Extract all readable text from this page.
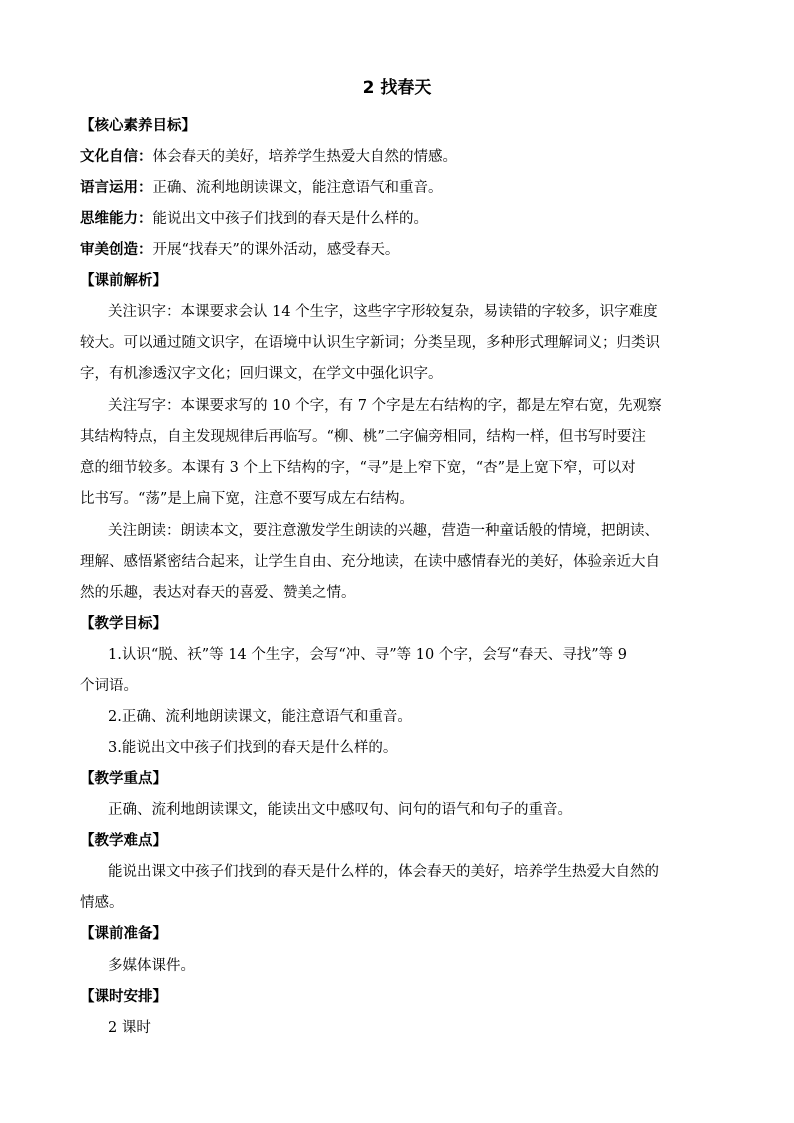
2 找春天
【核心素养目标】
文化自信：体会春天的美好，培养学生热爱大自然的情感。
语言运用：正确、流利地朗读课文，能注意语气和重音。
思维能力：能说出文中孩子们找到的春天是什么样的。
审美创造：开展“找春天”的课外活动，感受春天。
【课前解析】
关注识字：本课要求会认 14 个生字，这些字字形较复杂，易读错的字较多，识字难度
较大。可以通过随文识字，在语境中认识生字新词；分类呈现，多种形式理解词义；归类识
字，有机渗透汉字文化；回归课文，在学文中强化识字。
关注写字：本课要求写的 10 个字，有 7 个字是左右结构的字，都是左窄右宽，先观察
其结构特点，自主发现规律后再临写。“柳、桃”二字偏旁相同，结构一样，但书写时要注
意的细节较多。本课有 3 个上下结构的字，“寻”是上窄下宽，“杏”是上宽下窄，可以对
比书写。“荡”是上扁下宽，注意不要写成左右结构。
关注朗读：朗读本文，要注意激发学生朗读的兴趣，营造一种童话般的情境，把朗读、
理解、感悟紧密结合起来，让学生自由、充分地读，在读中感情春光的美好，体验亲近大自
然的乐趣，表达对春天的喜爱、赞美之情。
【教学目标】
1.认识“脱、袄”等 14 个生字，会写“冲、寻”等 10 个字，会写“春天、寻找”等 9
个词语。
2.正确、流利地朗读课文，能注意语气和重音。
3.能说出文中孩子们找到的春天是什么样的。
【教学重点】
正确、流利地朗读课文，能读出文中感叹句、问句的语气和句子的重音。
【教学难点】
能说出课文中孩子们找到的春天是什么样的，体会春天的美好，培养学生热爱大自然的
情感。
【课前准备】
多媒体课件。
【课时安排】
2 课时
